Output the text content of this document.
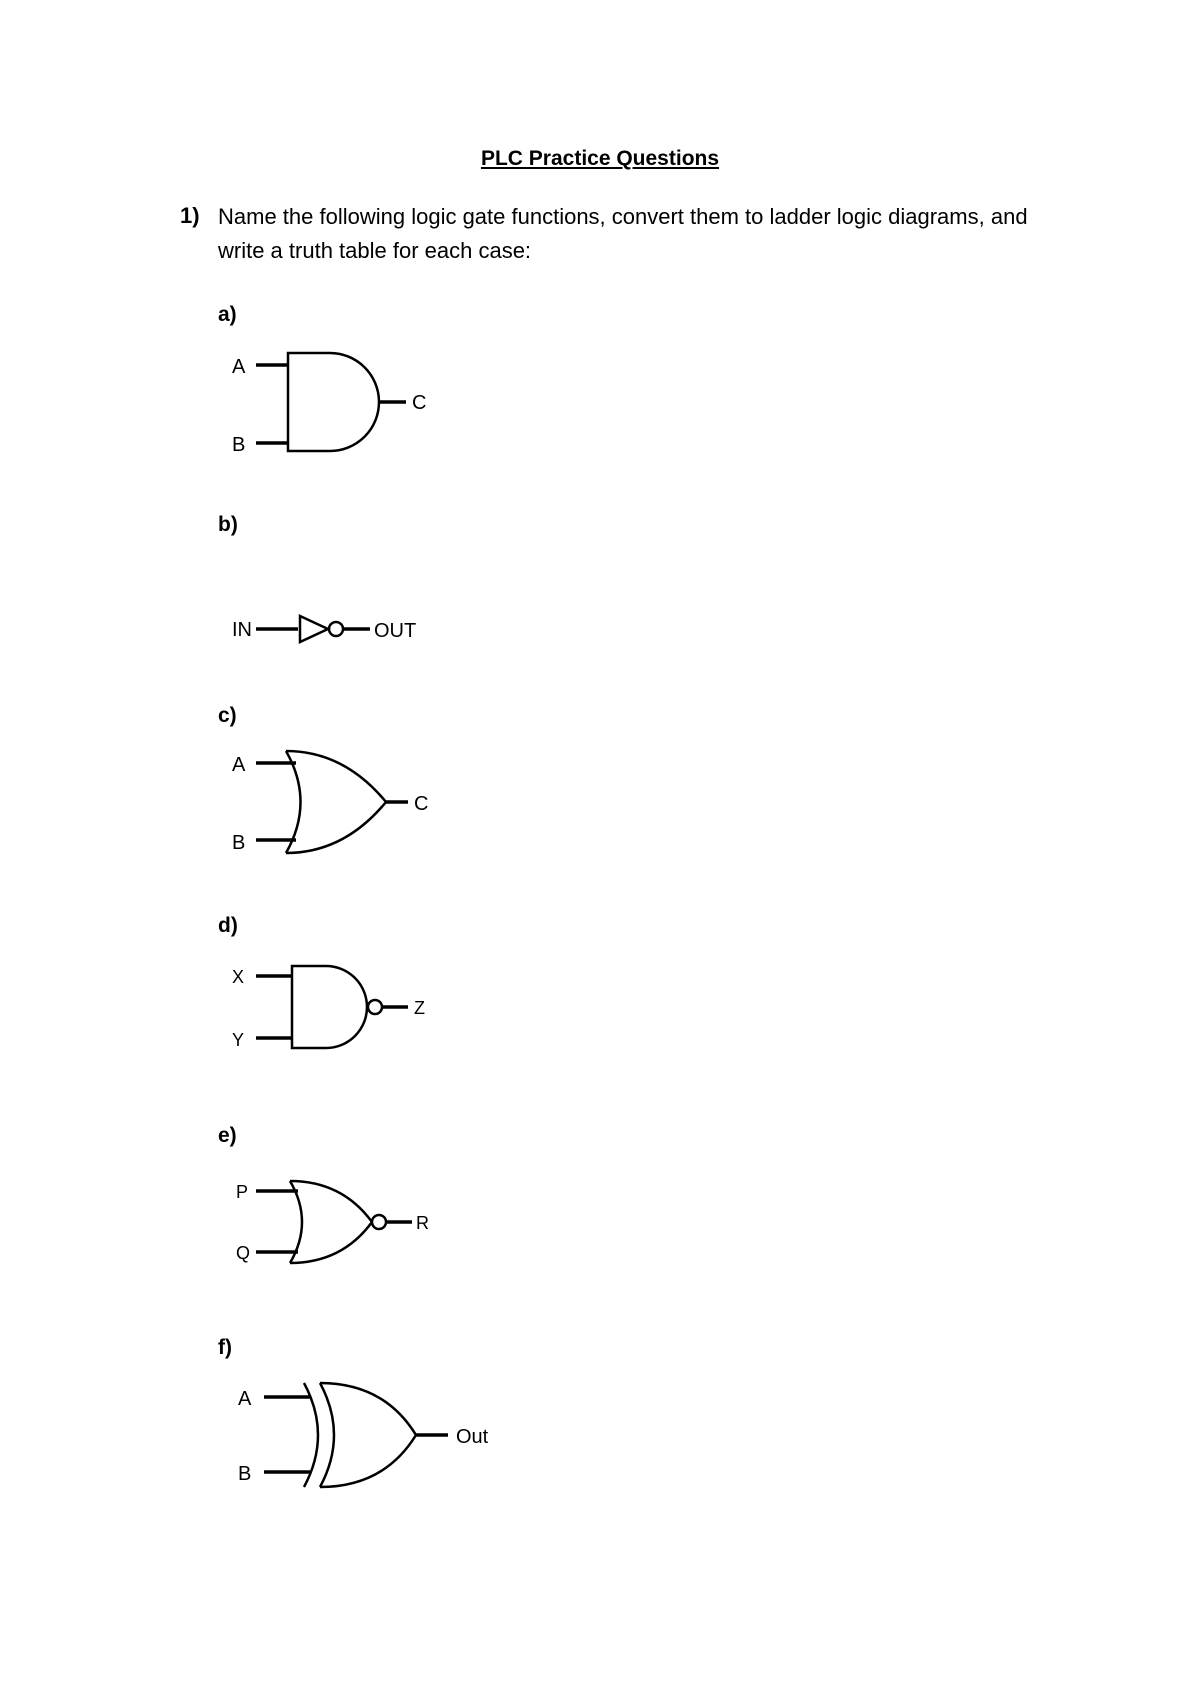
PLC Practice Questions
1) Name the following logic gate functions, convert them to ladder logic diagrams, and write a truth table for each case:
a)
A
B
C
b)
IN	OUT
c)
A
B
C
d)
X
Y
Z
e)
P
Q
R
f)
A
B
Out
